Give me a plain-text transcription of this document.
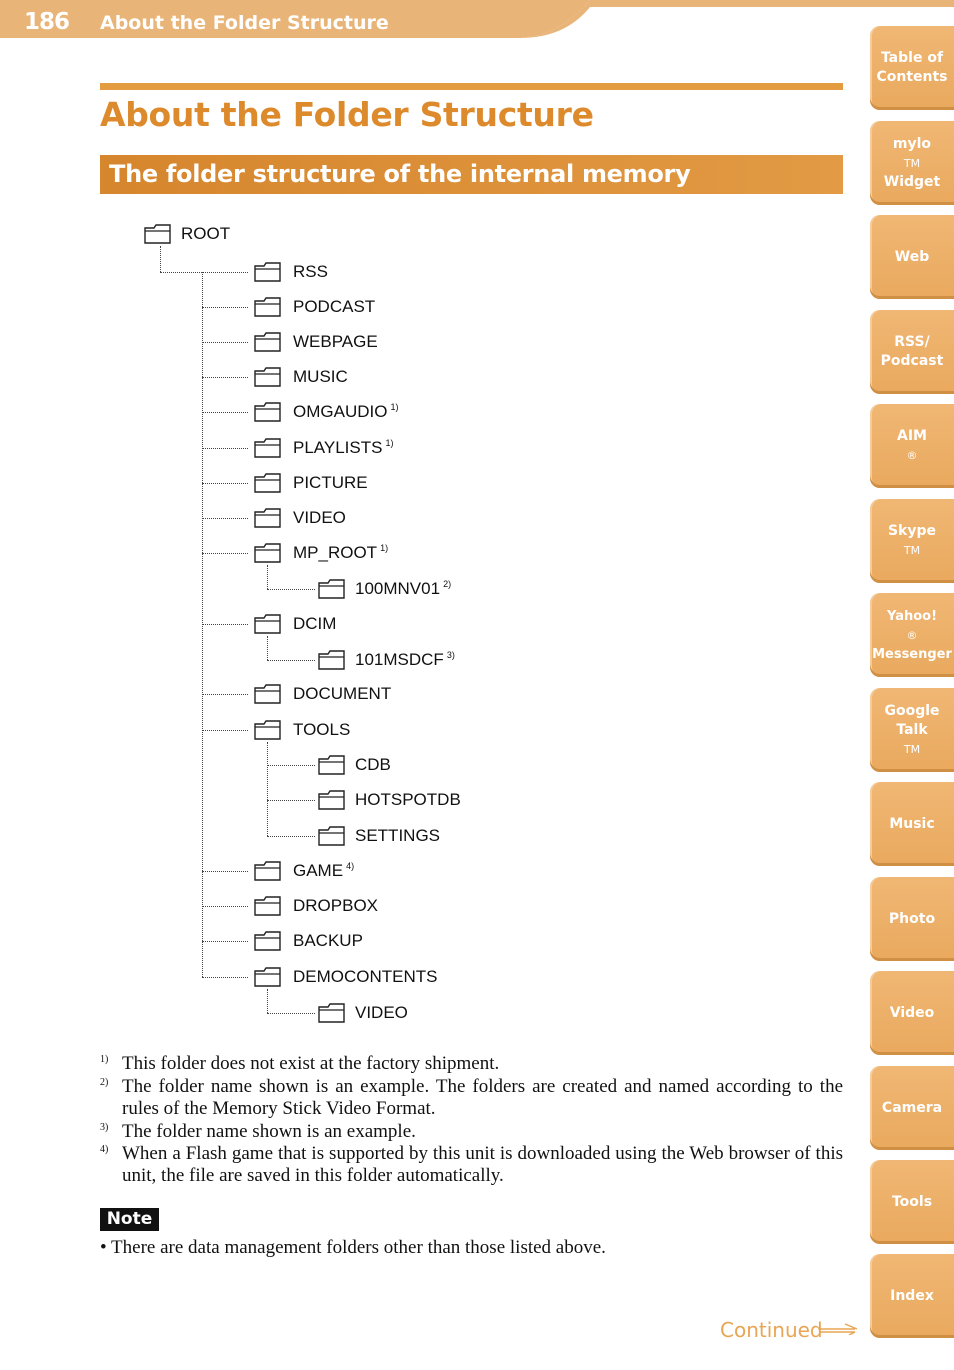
186 About the Folder Structure
About the Folder Structure
The folder structure of the internal memory
ROOT
RSS
PODCAST
WEBPAGE
MUSIC
OMGAUDIO $^{1)}$
PLAYLISTS $^{1)}$
PICTURE
VIDEO
MP_ROOT $^{1)}$
100MNV01 $^{2)}$
DCIM
101MSDCF $^{3)}$
DOCUMENT
TOOLS
CDB
HOTSPOTDB
SETTINGS
GAME $^{4)}$
DROPBOX
BACKUP
DEMOCONTENTS
VIDEO
1) This folder does not exist at the factory shipment.
2) The folder name shown is an example. The folders are created and named according to the rules of the Memory Stick Video Format.
3) The folder name shown is an example.
4) When a Flash game that is supported by this unit is downloaded using the Web browser of this unit, the file are saved in this folder automatically.
Note
• There are data management folders other than those listed above.
Continued
Table of
Contents
mylo
TM
Widget
Web
RSS/
Podcast
AIM
®
Skype
TM
Yahoo!
®
Messenger
Google
Talk
TM
Music
Photo
Video
Camera
Tools
Index
